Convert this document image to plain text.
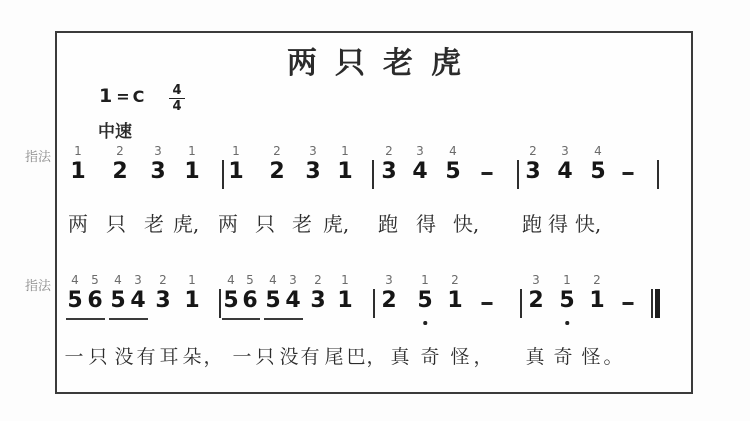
两只老虎
1 = C 4
4
中速
指法 1
1
2
2
3
3
1
1
1
1
2
2
3
3
1
1
2
3
3
4
4
5
2
3
3
4
4
5
两 只 老 虎, 两 只 老 虎, 跑 得 快, 跑 得 快,
指法 4
5
5
6
4
5
3
4
2
3
1
1
4
5
5
6
4
5
3
4
2
3
1
1
3
2
1
5
2
1
3
2
1
5
2
1
一 只 没 有 耳 朵 ， 一 只 没 有 尾 巴 ， 真 奇 怪 ， 真 奇 怪 。
